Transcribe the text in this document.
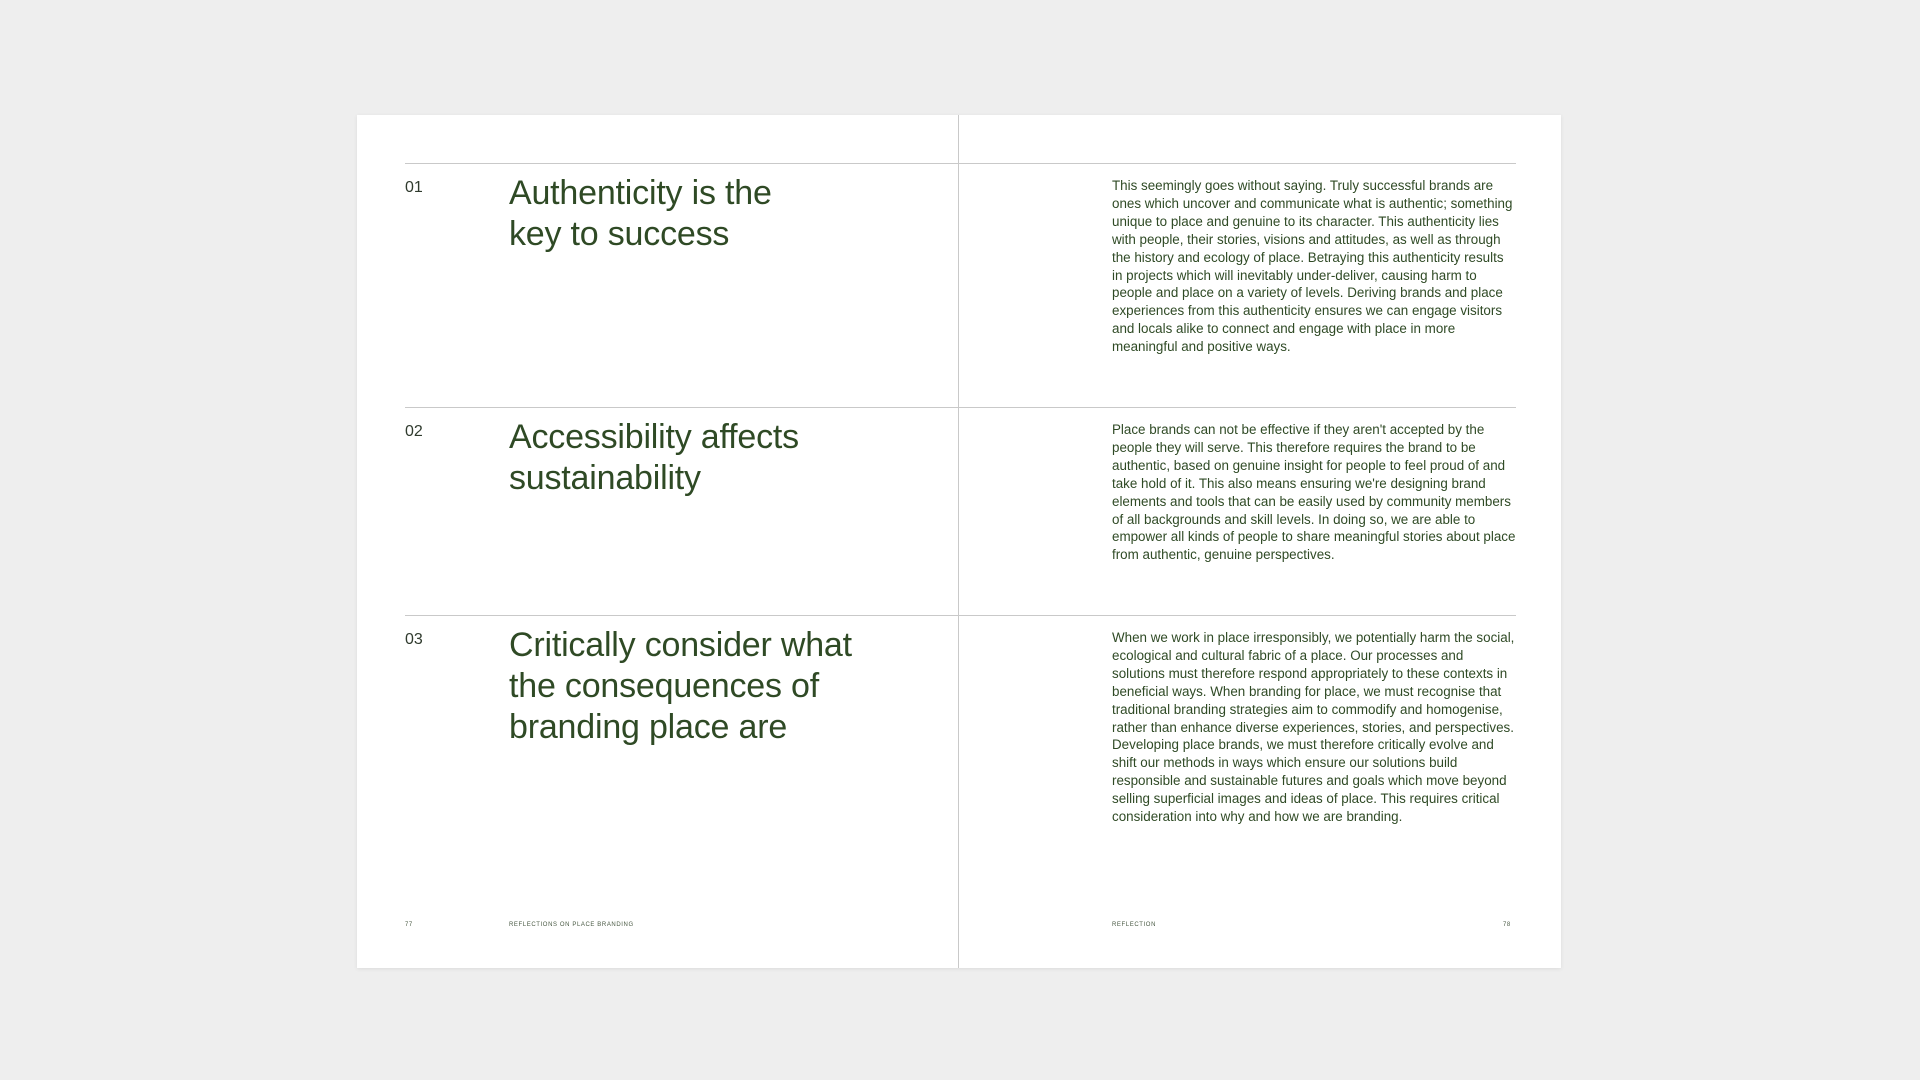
01	Authenticity is the
key to success

This seemingly goes without saying. Truly successful brands are ones which uncover and communicate what is authentic; something unique to place and genuine to its character. This authenticity lies with people, their stories, visions and attitudes, as well as through the history and ecology of place. Betraying this authenticity results in projects which will inevitably under-deliver, causing harm to people and place on a variety of levels. Deriving brands and place experiences from this authenticity ensures we can engage visitors and locals alike to connect and engage with place in more meaningful and positive ways.

02	Accessibility affects
sustainability

Place brands can not be effective if they aren't accepted by the people they will serve. This therefore requires the brand to be authentic, based on genuine insight for people to feel proud of and take hold of it. This also means ensuring we're designing brand elements and tools that can be easily used by community members of all backgrounds and skill levels. In doing so, we are able to empower all kinds of people to share meaningful stories about place from authentic, genuine perspectives.

03	Critically consider what
the consequences of
branding place are

When we work in place irresponsibly, we potentially harm the social, ecological and cultural fabric of a place. Our processes and solutions must therefore respond appropriately to these contexts in beneficial ways. When branding for place, we must recognise that traditional branding strategies aim to commodify and homogenise, rather than enhance diverse experiences, stories, and perspectives. Developing place brands, we must therefore critically evolve and shift our methods in ways which ensure our solutions build responsible and sustainable futures and goals which move beyond selling superficial images and ideas of place. This requires critical consideration into why and how we are branding.

77	REFLECTIONS ON PLACE BRANDING	REFLECTION	78
